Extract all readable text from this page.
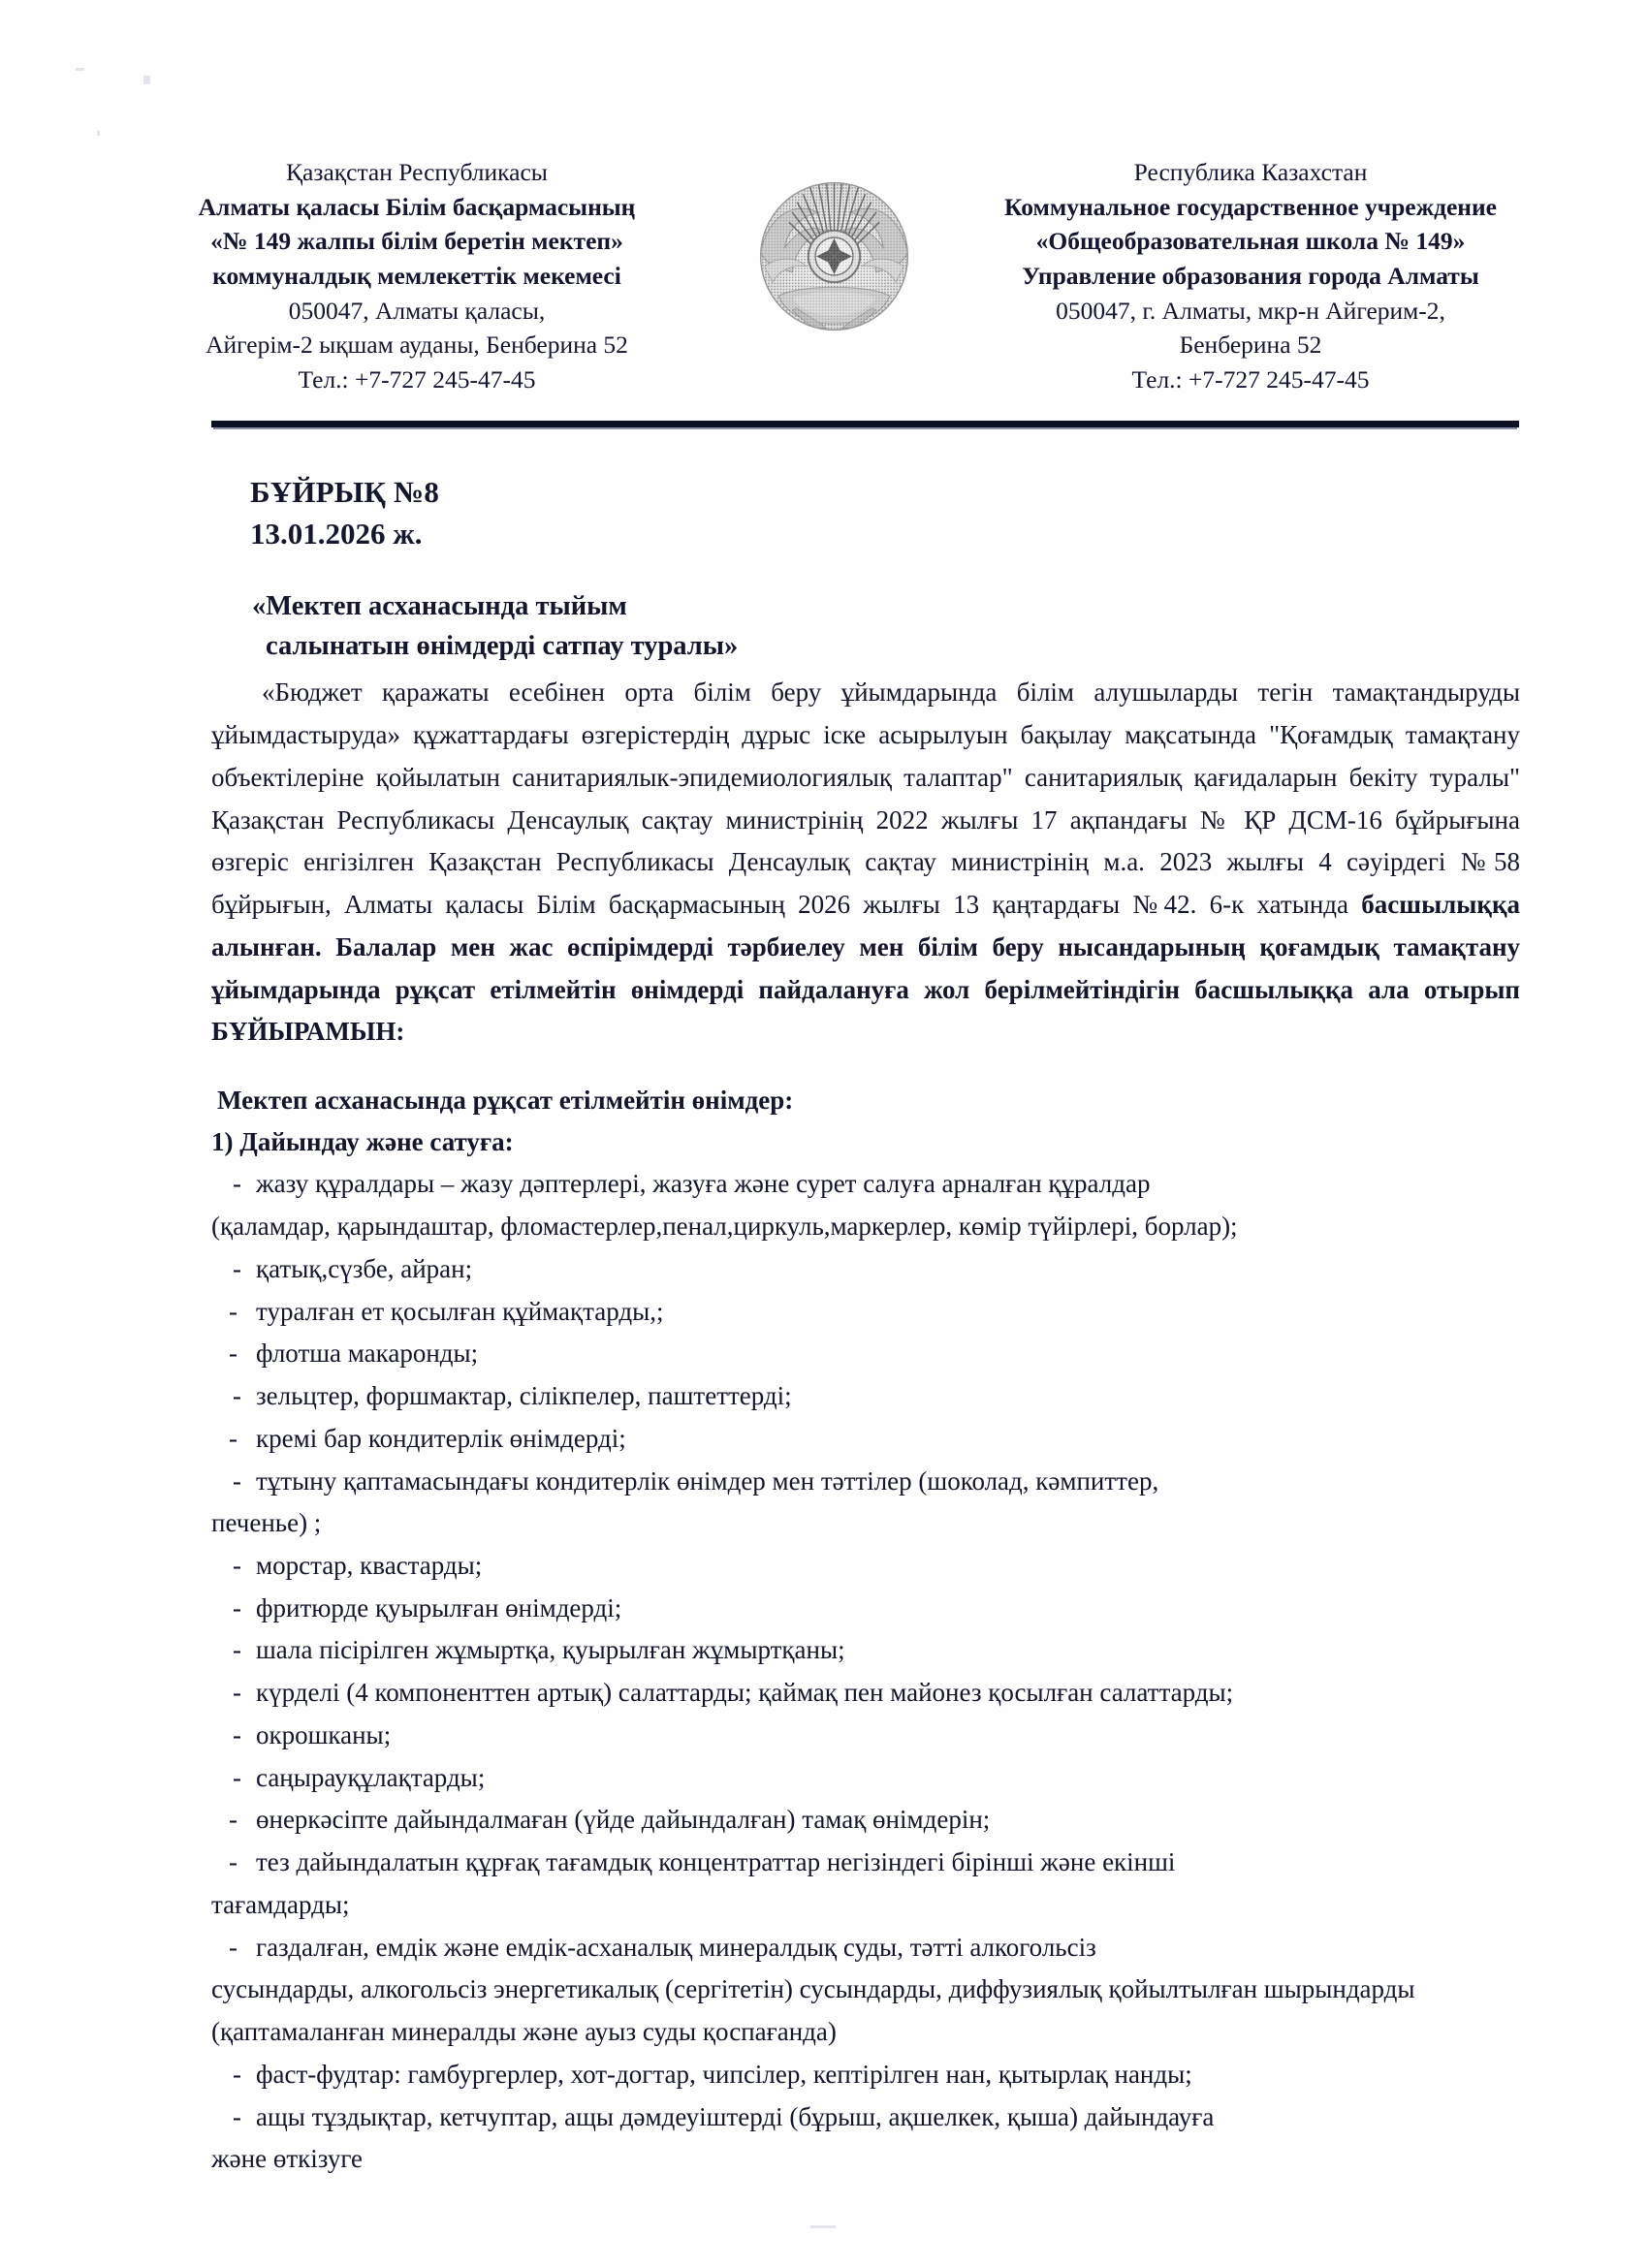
Қазақстан Республикасы
Алматы қаласы Білім басқармасының
«№ 149 жалпы білім беретін мектеп»
коммуналдық мемлекеттік мекемесі
050047, Алматы қаласы,
Айгерім-2 ықшам ауданы, Бенберина 52
Тел.: +7-727 245-47-45
Республика Казахстан
Коммунальное государственное учреждение
«Общеобразовательная школа № 149»
Управление образования города Алматы
050047, г. Алматы, мкр-н Айгерим-2,
Бенберина 52
Тел.: +7-727 245-47-45
БҰЙРЫҚ №8
13.01.2026 ж.
«Мектеп асханасында тыйым
салынатын өнімдерді сатпау туралы»

«Бюджет қаражаты есебінен орта білім беру ұйымдарында білім алушыларды тегін тамақтандыруды ұйымдастыруда» құжаттардағы өзгерістердің дұрыс іске асырылуын бақылау мақсатында "Қоғамдық тамақтану объектілеріне қойылатын санитариялык-эпидемиологиялық талаптар" санитариялық қағидаларын бекіту туралы" Қазақстан Республикасы Денсаулық сақтау министрінің 2022 жылғы 17 ақпандағы № ҚР ДСМ-16 бұйрығына өзгеріс енгізілген Қазақстан Республикасы Денсаулық сақтау министрінің м.а. 2023 жылғы 4 сәуірдегі №58 бұйрығын, Алматы қаласы Білім басқармасының 2026 жылғы 13 қаңтардағы №42. 6-к хатында басшылыққа алынған. Балалар мен жас өспірімдерді тәрбиелеу мен білім беру нысандарының қоғамдық тамақтану ұйымдарында рұқсат етілмейтін өнімдерді пайдалануға жол берілмейтіндігін басшылыққа ала отырып БҰЙЫРАМЫН:

Мектеп асханасында рұқсат етілмейтін өнімдер:
1) Дайындау және сатуға:
- жазу құралдары – жазу дәптерлері, жазуға және сурет салуға арналған құралдар
(қаламдар, қарындаштар, фломастерлер,пенал,циркуль,маркерлер, көмір түйірлері, борлар);
- қатық,сүзбе, айран;
- туралған ет қосылған құймақтарды,;
- флотша макаронды;
- зельцтер, форшмактар, сілікпелер, паштеттерді;
- кремі бар кондитерлік өнімдерді;
- тұтыну қаптамасындағы кондитерлік өнімдер мен тәттілер (шоколад, кәмпиттер,
печенье) ;
- морстар, квастарды;
- фритюрде қуырылған өнімдерді;
- шала пісірілген жұмыртқа, қуырылған жұмыртқаны;
- күрделі (4 компоненттен артық) салаттарды; қаймақ пен майонез қосылған салаттарды;
- окрошканы;
- саңырауқұлақтарды;
- өнеркәсіпте дайындалмаған (үйде дайындалған) тамақ өнімдерін;
- тез дайындалатын құрғақ тағамдық концентраттар негізіндегі бірінші және екінші
тағамдарды;
- газдалған, емдік және емдік-асханалық минералдық суды, тәтті алкогольсіз
сусындарды, алкогольсіз энергетикалық (сергітетін) сусындарды, диффузиялық қойылтылған шырындарды (қаптамаланған минералды және ауыз суды қоспағанда)
- фаст-фудтар: гамбургерлер, хот-догтар, чипсілер, кептірілген нан, қытырлақ нанды;
- ащы тұздықтар, кетчуптар, ащы дәмдеуіштерді (бұрыш, ақшелкек, қыша) дайындауға
және өткізуге
